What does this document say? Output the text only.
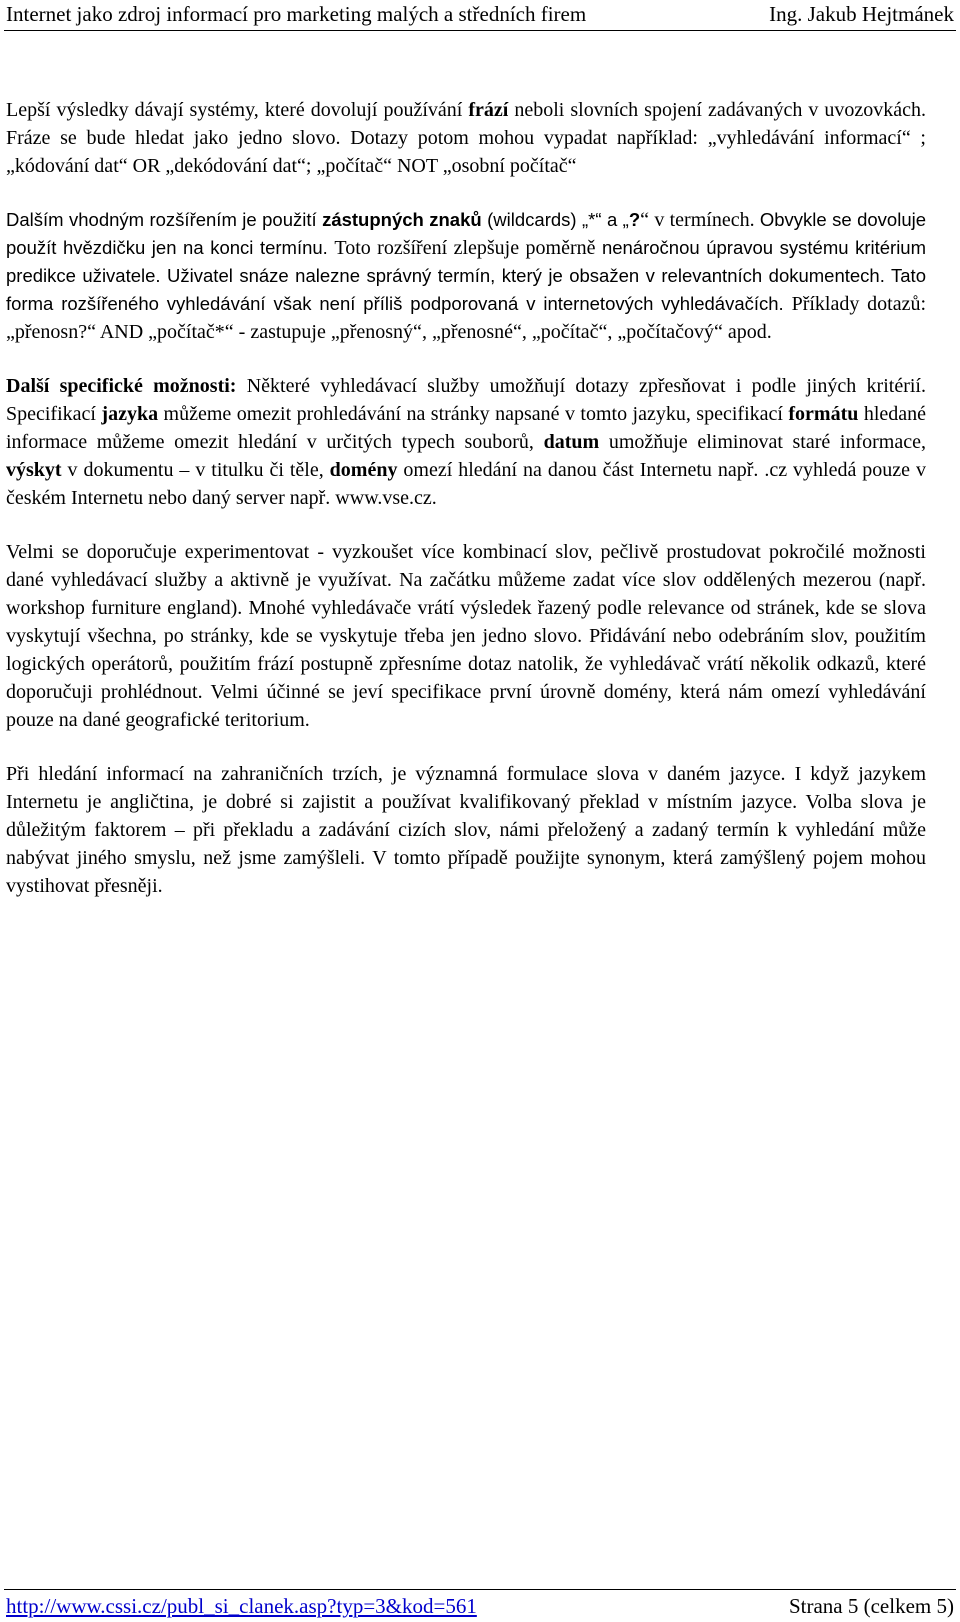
Internet jako zdroj informací pro marketing malých a středních firem	Ing. Jakub Hejtmánek

Lepší výsledky dávají systémy, které dovolují používání frází neboli slovních spojení zadávaných v uvozovkách. Fráze se bude hledat jako jedno slovo. Dotazy potom mohou vypadat například: „vyhledávání informací“ ; „kódování dat“ OR „dekódování dat“; „počítač“ NOT „osobní počítač“

Dalším vhodným rozšířením je použití zástupných znaků (wildcards) „*“ a „?“ v termínech. Obvykle se dovoluje použít hvězdičku jen na konci termínu. Toto rozšíření zlepšuje poměrně nenáročnou úpravou systému kritérium predikce uživatele. Uživatel snáze nalezne správný termín, který je obsažen v relevantních dokumentech. Tato forma rozšířeného vyhledávání však není příliš podporovaná v internetových vyhledávačích. Příklady dotazů: „přenosn?“ AND „počítač*“ - zastupuje „přenosný“, „přenosné“, „počítač“, „počítačový“ apod.

Další specifické možnosti: Některé vyhledávací služby umožňují dotazy zpřesňovat i podle jiných kritérií. Specifikací jazyka můžeme omezit prohledávání na stránky napsané v tomto jazyku, specifikací formátu hledané informace můžeme omezit hledání v určitých typech souborů, datum umožňuje eliminovat staré informace, výskyt v dokumentu – v titulku či těle, domény omezí hledání na danou část Internetu např. .cz vyhledá pouze v českém Internetu nebo daný server např. www.vse.cz.

Velmi se doporučuje experimentovat - vyzkoušet více kombinací slov, pečlivě prostudovat pokročilé možnosti dané vyhledávací služby a aktivně je využívat. Na začátku můžeme zadat více slov oddělených mezerou (např. workshop furniture england). Mnohé vyhledávače vrátí výsledek řazený podle relevance od stránek, kde se slova vyskytují všechna, po stránky, kde se vyskytuje třeba jen jedno slovo. Přidávání nebo odebráním slov, použitím logických operátorů, použitím frází postupně zpřesníme dotaz natolik, že vyhledávač vrátí několik odkazů, které doporučuji prohlédnout. Velmi účinné se jeví specifikace první úrovně domény, která nám omezí vyhledávání pouze na dané geografické teritorium.

Při hledání informací na zahraničních trzích, je významná formulace slova v daném jazyce. I když jazykem Internetu je angličtina, je dobré si zajistit a používat kvalifikovaný překlad v místním jazyce. Volba slova je důležitým faktorem – při překladu a zadávání cizích slov, námi přeložený a zadaný termín k vyhledání může nabývat jiného smyslu, než jsme zamýšleli. V tomto případě použijte synonym, která zamýšlený pojem mohou vystihovat přesněji.

http://www.cssi.cz/publ_si_clanek.asp?typ=3&kod=561	Strana 5 (celkem 5)
